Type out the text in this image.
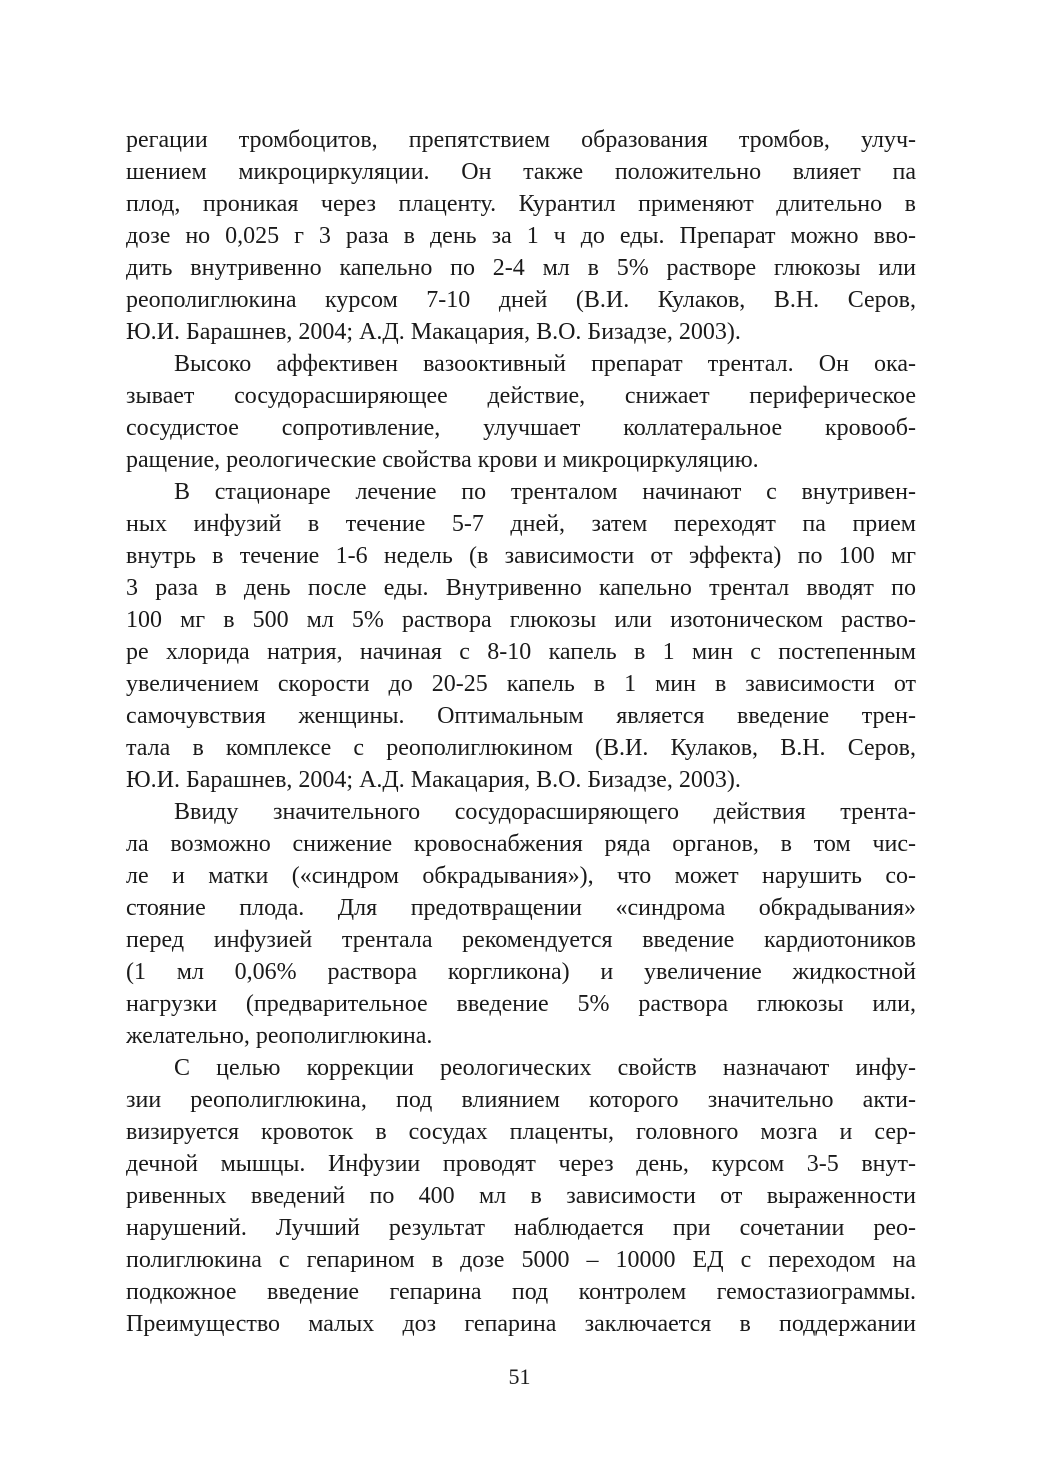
регации тромбоцитов, препятствием образования тромбов, улуч-
шением микроциркуляции. Он также положительно влияет па
плод, проникая через плаценту. Курантил применяют длительно в
дозе но 0,025 г 3 раза в день за 1 ч до еды. Препарат можно вво-
дить внутривенно капельно по 2-4 мл в 5% растворе глюкозы или
реополиглюкина курсом 7-10 дней (В.И. Кулаков, В.Н. Серов,
Ю.И. Барашнев, 2004; А.Д. Макацария, В.О. Бизадзе, 2003).
Высоко аффективен вазооктивный препарат трентал. Он ока-
зывает сосудорасширяющее действие, снижает периферическое
сосудистое сопротивление, улучшает коллатеральное кровооб-
ращение, реологические свойства крови и микроциркуляцию.
В стационаре лечение по тренталом начинают с внутривен-
ных инфузий в течение 5-7 дней, затем переходят па прием
внутрь в течение 1-6 недель (в зависимости от эффекта) по 100 мг
3 раза в день после еды. Внутривенно капельно трентал вводят по
100 мг в 500 мл 5% раствора глюкозы или изотоническом раство-
ре хлорида натрия, начиная с 8-10 капель в 1 мин с постепенным
увеличением скорости до 20-25 капель в 1 мин в зависимости от
самочувствия женщины. Оптимальным является введение трен-
тала в комплексе с реополиглюкином (В.И. Кулаков, В.Н. Серов,
Ю.И. Барашнев, 2004; А.Д. Макацария, В.О. Бизадзе, 2003).
Ввиду значительного сосудорасширяющего действия трента-
ла возможно снижение кровоснабжения ряда органов, в том чис-
ле и матки («синдром обкрадывания»), что может нарушить со-
стояние плода. Для предотвращении «синдрома обкрадывания»
перед инфузией трентала рекомендуется введение кардиотоников
(1 мл 0,06% раствора коргликона) и увеличение жидкостной
нагрузки (предварительное введение 5% раствора глюкозы или,
желательно, реополиглюкина.
С целью коррекции реологических свойств назначают инфу-
зии реополиглюкина, под влиянием которого значительно акти-
визируется кровоток в сосудах плаценты, головного мозга и сер-
дечной мышцы. Инфузии проводят через день, курсом 3-5 внут-
ривенных введений по 400 мл в зависимости от выраженности
нарушений. Лучший результат наблюдается при сочетании рео-
полиглюкина с гепарином в дозе 5000 – 10000 ЕД с переходом на
подкожное введение гепарина под контролем гемостазиограммы.
Преимущество малых доз гепарина заключается в поддержании
51
